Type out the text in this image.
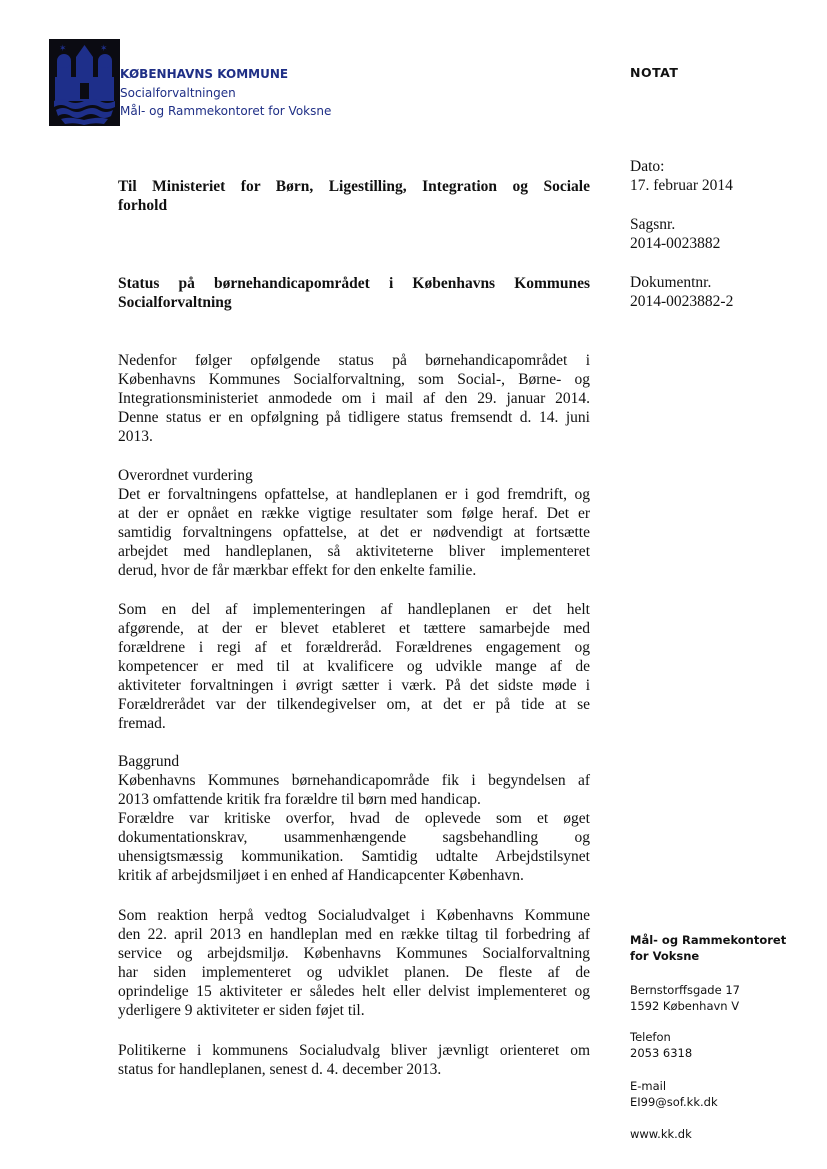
✶	✶
KØBENHAVNS KOMMUNE
Socialforvaltningen
Mål- og Rammekontoret for Voksne
NOTAT
Dato:
17. februar 2014
Sagsnr.
2014-0023882
Dokumentnr.
2014-0023882-2
Til Ministeriet for Børn, Ligestilling, Integration og Sociale
forhold
Status på børnehandicapområdet i Københavns Kommunes
Socialforvaltning
Nedenfor følger opfølgende status på børnehandicapområdet i
Københavns Kommunes Socialforvaltning, som Social-, Børne- og
Integrationsministeriet anmodede om i mail af den 29. januar 2014.
Denne status er en opfølgning på tidligere status fremsendt d. 14. juni
2013.
Overordnet vurdering
Det er forvaltningens opfattelse, at handleplanen er i god fremdrift, og
at der er opnået en række vigtige resultater som følge heraf. Det er
samtidig forvaltningens opfattelse, at det er nødvendigt at fortsætte
arbejdet med handleplanen, så aktiviteterne bliver implementeret
derud, hvor de får mærkbar effekt for den enkelte familie.
Som en del af implementeringen af handleplanen er det helt
afgørende, at der er blevet etableret et tættere samarbejde med
forældrene i regi af et forældreråd. Forældrenes engagement og
kompetencer er med til at kvalificere og udvikle mange af de
aktiviteter forvaltningen i øvrigt sætter i værk. På det sidste møde i
Forældrerådet var der tilkendegivelser om, at det er på tide at se
fremad.
Baggrund
Københavns Kommunes børnehandicapområde fik i begyndelsen af
2013 omfattende kritik fra forældre til børn med handicap.
Forældre var kritiske overfor, hvad de oplevede som et øget
dokumentationskrav, usammenhængende sagsbehandling og
uhensigtsmæssig kommunikation. Samtidig udtalte Arbejdstilsynet
kritik af arbejdsmiljøet i en enhed af Handicapcenter København.
Som reaktion herpå vedtog Socialudvalget i Københavns Kommune
den 22. april 2013 en handleplan med en række tiltag til forbedring af
service og arbejdsmiljø. Københavns Kommunes Socialforvaltning
har siden implementeret og udviklet planen. De fleste af de
oprindelige 15 aktiviteter er således helt eller delvist implementeret og
yderligere 9 aktiviteter er siden føjet til.
Politikerne i kommunens Socialudvalg bliver jævnligt orienteret om
status for handleplanen, senest d. 4. december 2013.
Mål- og Rammekontoret
for Voksne
Bernstorffsgade 17
1592 København V
Telefon
2053 6318
E-mail
EI99@sof.kk.dk
www.kk.dk
